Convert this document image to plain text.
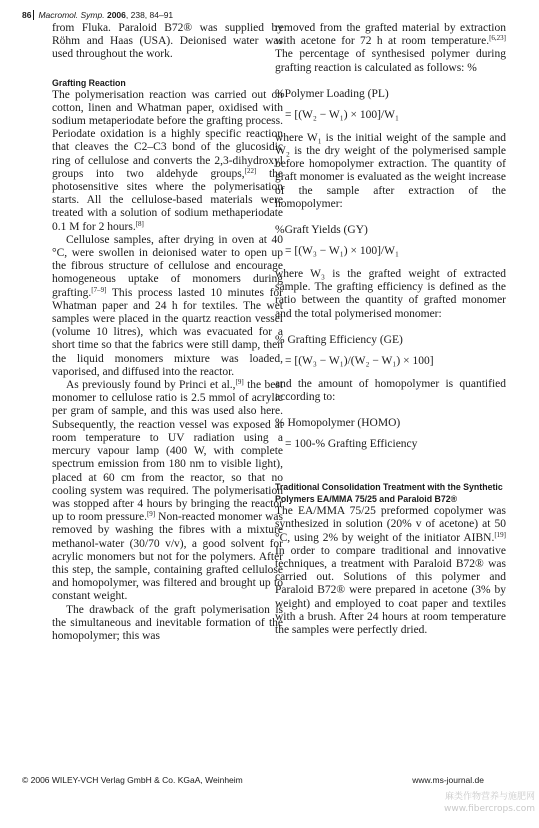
86 Macromol. Symp. 2006, 238, 84–91

from Fluka. Paraloid B72® was supplied by Röhm and Haas (USA). Deionised water was used throughout the work.

Grafting Reaction

The polymerisation reaction was carried out on cotton, linen and Whatman paper, oxidised with sodium metaperiodate before the grafting process. Periodate oxidation is a highly specific reaction that cleaves the C2–C3 bond of the glucosidic ring of cellulose and converts the 2,3-dihydroxyl groups into two aldehyde groups,[22] the photosensitive sites where the polymerisation starts. All the cellulose-based materials were treated with a solution of sodium methaperiodate 0.1 M for 2 hours.[8]

Cellulose samples, after drying in oven at 40 °C, were swollen in deionised water to open up the fibrous structure of cellulose and encourage homogeneous uptake of monomers during grafting.[7–9] This process lasted 10 minutes for Whatman paper and 24 h for textiles. The wet samples were placed in the quartz reaction vessel (volume 10 litres), which was evacuated for a short time so that the fabrics were still damp, then the liquid monomers mixture was loaded, vaporised, and diffused into the reactor.

As previously found by Princi et al.,[9] the best monomer to cellulose ratio is 2.5 mmol of acrylic per gram of sample, and this was used also here. Subsequently, the reaction vessel was exposed at room temperature to UV radiation using a mercury vapour lamp (400 W, with complete spectrum emission from 180 nm to visible light), placed at 60 cm from the reactor, so that no cooling system was required. The polymerisation was stopped after 4 hours by bringing the reactor up to room pressure.[9] Non-reacted monomer was removed by washing the fibres with a mixture methanol-water (30/70 v/v), a good solvent for acrylic monomers but not for the polymers. After this step, the sample, containing grafted cellulose and homopolymer, was filtered and brought up to constant weight.

The drawback of the graft polymerisation is the simultaneous and inevitable formation of the homopolymer; this was

removed from the grafted material by extraction with acetone for 72 h at room temperature.[6,23] The percentage of synthesised polymer during grafting reaction is calculated as follows: %

%Polymer Loading (PL)
= [(W₂ − W₁) × 100]/W₁

where W₁ is the initial weight of the sample and W₂ is the dry weight of the polymerised sample before homopolymer extraction. The quantity of graft monomer is evaluated as the weight increase of the sample after extraction of the homopolymer:

%Graft Yields (GY)
= [(W₃ − W₁) × 100]/W₁

where W₃ is the grafted weight of extracted sample. The grafting efficiency is defined as the ratio between the quantity of grafted monomer and the total polymerised monomer:

% Grafting Efficiency (GE)
= [(W₃ − W₁)/(W₂ − W₁) × 100]

and the amount of homopolymer is quantified according to:

% Homopolymer (HOMO)
= 100-% Grafting Efficiency
Traditional Consolidation Treatment with the Synthetic Polymers EA/MMA 75/25 and Paraloid B72®

The EA/MMA 75/25 preformed copolymer was synthesized in solution (20% v of acetone) at 50 °C, using 2% by weight of the initiator AIBN.[19] In order to compare traditional and innovative techniques, a treatment with Paraloid B72® was carried out. Solutions of this polymer and Paraloid B72® were prepared in acetone (3% by weight) and employed to coat paper and textiles with a brush. After 24 hours at room temperature the samples were perfectly dried.

© 2006 WILEY-VCH Verlag GmbH & Co. KGaA, Weinheim	www.ms-journal.de
麻类作物营养与施肥网
www.fibercrops.com
